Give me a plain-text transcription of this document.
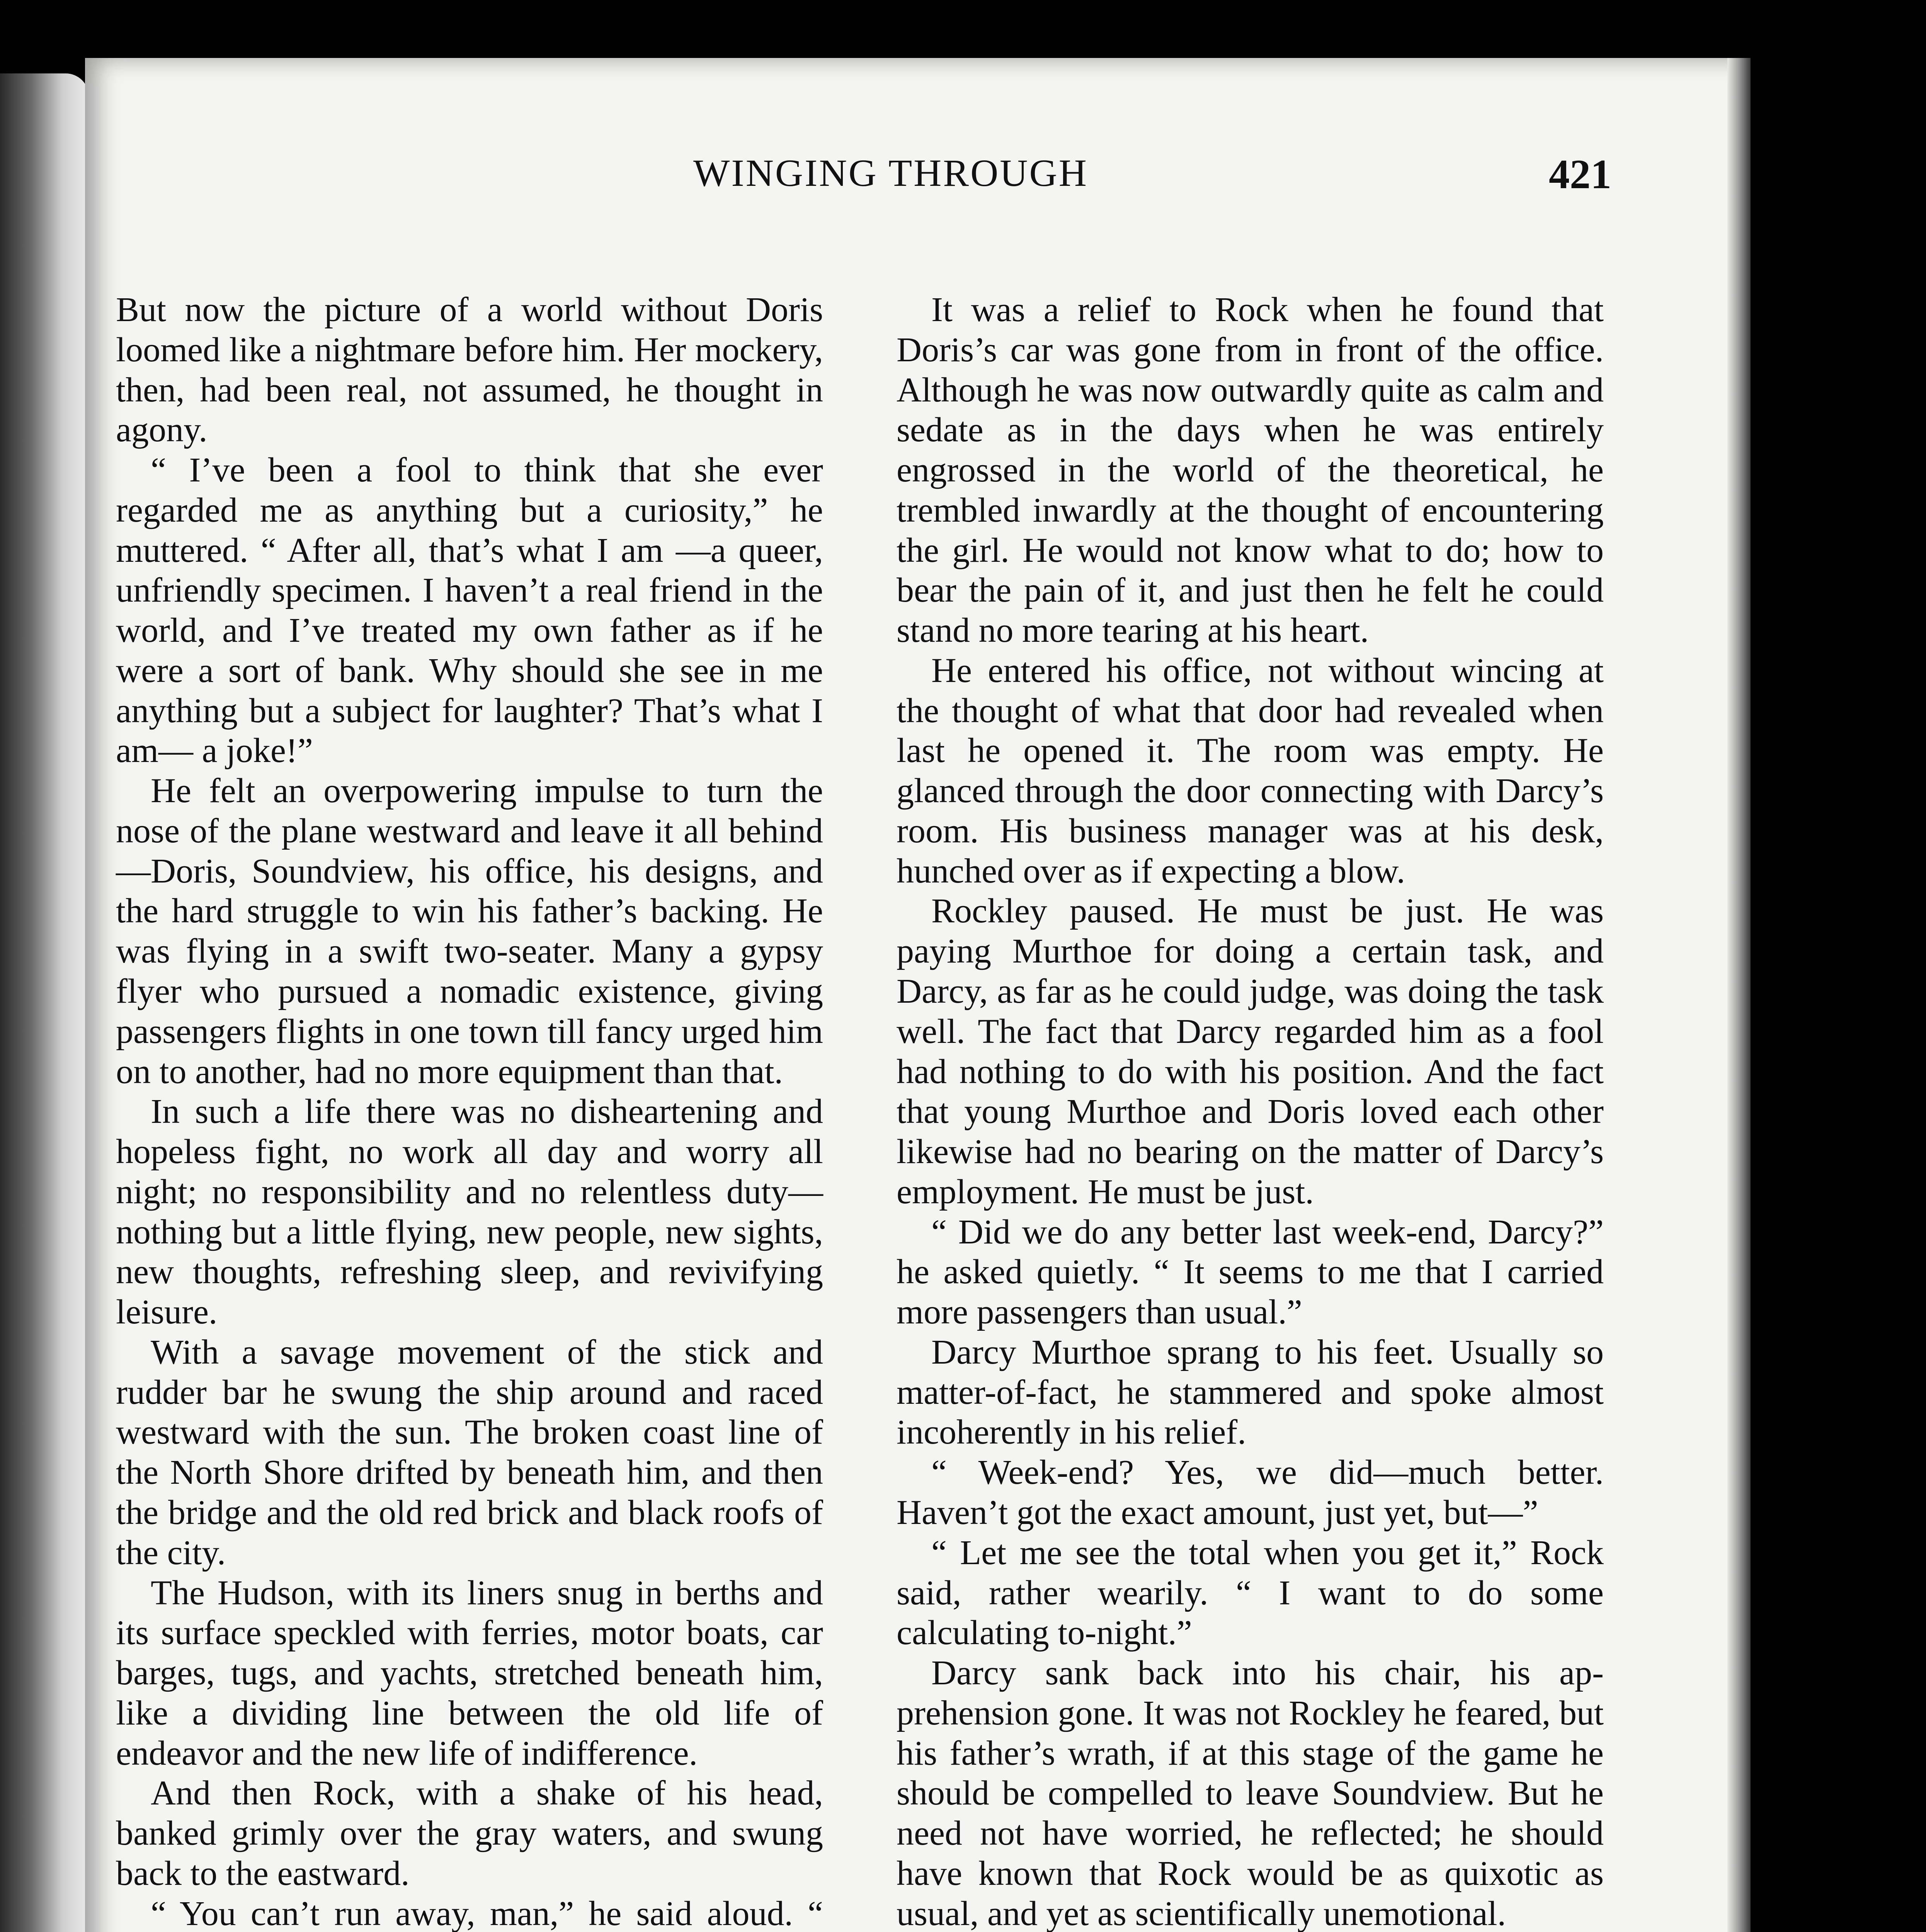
WINGING THROUGH	421

But now the picture of a world without Doris loomed like a nightmare before him. Her mockery, then, had been real, not assumed, he thought in agony.

“ I’ve been a fool to think that she ever regarded me as anything but a curiosity,” he muttered. “ After all, that’s what I am —a queer, unfriendly specimen. I haven’t a real friend in the world, and I’ve treated my own father as if he were a sort of bank. Why should she see in me anything but a subject for laughter? That’s what I am— a joke!”

He felt an overpowering impulse to turn the nose of the plane westward and leave it all behind—Doris, Soundview, his office, his designs, and the hard struggle to win his father’s backing. He was flying in a swift two-seater. Many a gypsy flyer who pursued a nomadic existence, giving passengers flights in one town till fancy urged him on to another, had no more equipment than that.

In such a life there was no disheartening and hopeless fight, no work all day and worry all night; no responsibility and no relentless duty—nothing but a little flying, new people, new sights, new thoughts, refreshing sleep, and revivifying leisure.

With a savage movement of the stick and rudder bar he swung the ship around and raced westward with the sun. The broken coast line of the North Shore drifted by beneath him, and then the bridge and the old red brick and black roofs of the city.

The Hudson, with its liners snug in berths and its surface speckled with ferries, motor boats, car barges, tugs, and yachts, stretched beneath him, like a dividing line between the old life of endeavor and the new life of indifference.

And then Rock, with a shake of his head, banked grimly over the gray waters, and swung back to the eastward.

“ You can’t run away, man,” he said aloud. “

It was a relief to Rock when he found that Doris’s car was gone from in front of the office. Although he was now outwardly quite as calm and sedate as in the days when he was entirely engrossed in the world of the theoretical, he trembled inwardly at the thought of encountering the girl. He would not know what to do; how to bear the pain of it, and just then he felt he could stand no more tearing at his heart.

He entered his office, not without wincing at the thought of what that door had revealed when last he opened it. The room was empty. He glanced through the door connecting with Darcy’s room. His business manager was at his desk, hunched over as if expecting a blow.

Rockley paused. He must be just. He was paying Murthoe for doing a certain task, and Darcy, as far as he could judge, was doing the task well. The fact that Darcy regarded him as a fool had nothing to do with his position. And the fact that young Murthoe and Doris loved each other likewise had no bearing on the matter of Darcy’s employment. He must be just.

“ Did we do any better last week-end, Darcy?” he asked quietly. “ It seems to me that I carried more passengers than usual.”

Darcy Murthoe sprang to his feet. Usually so matter-of-fact, he stammered and spoke almost incoherently in his relief.

“ Week-end? Yes, we did—much better. Haven’t got the exact amount, just yet, but—”

“ Let me see the total when you get it,” Rock said, rather wearily. “ I want to do some calculating to-night.”

Darcy sank back into his chair, his apprehension gone. It was not Rockley he feared, but his father’s wrath, if at this stage of the game he should be compelled to leave Soundview. But he need not have worried, he reflected; he should have known that Rock would be as quixotic as usual, and yet as scientifically unemotional.
